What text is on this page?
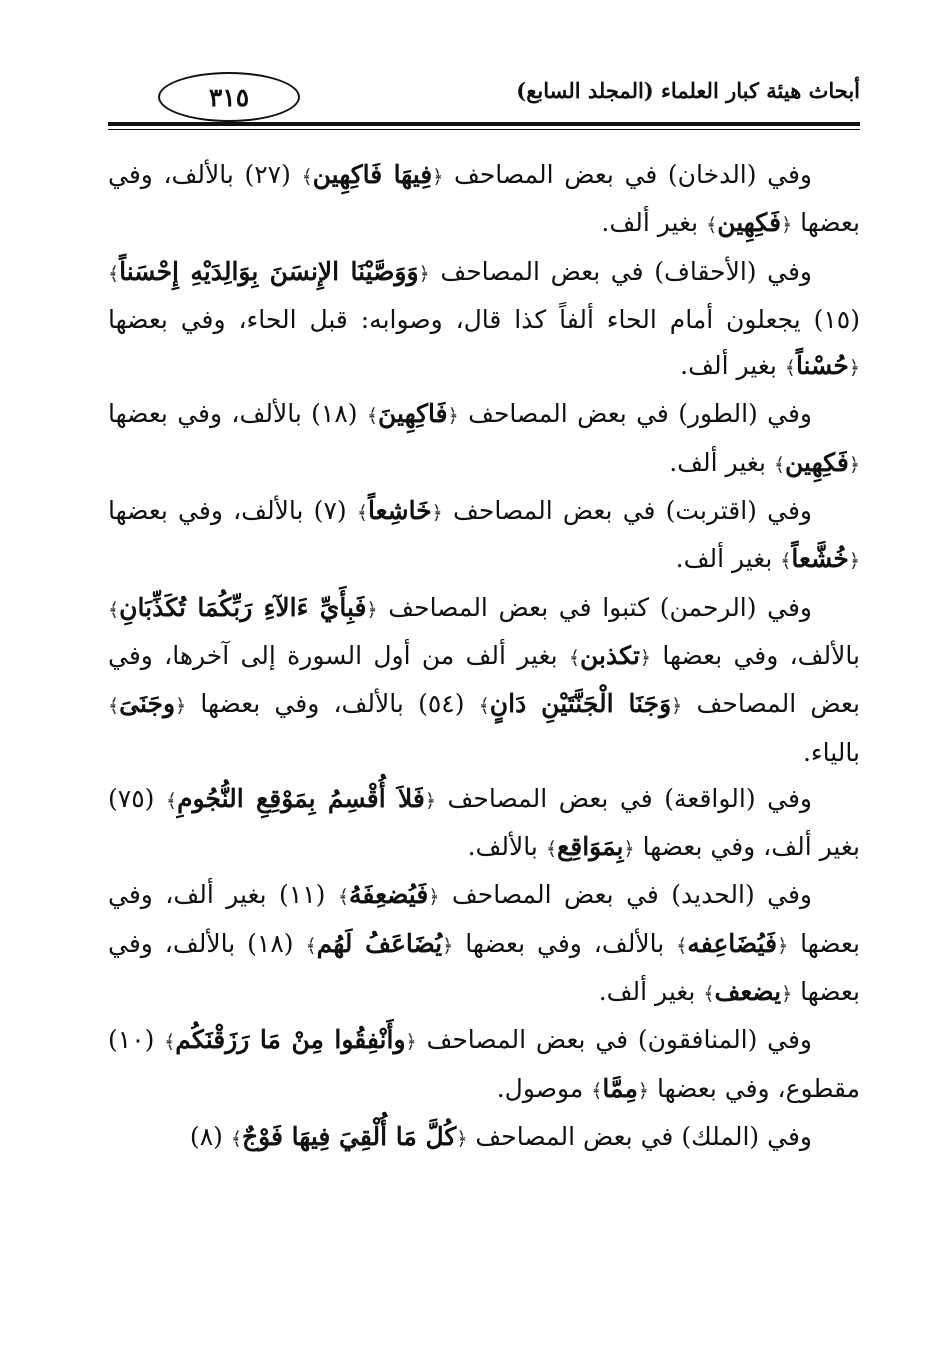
٣١٥	أبحاث هيئة كبار العلماء (المجلد السابع)

وفي (الدخان) في بعض المصاحف ﴿فِيهَا فَاكِهِين﴾ (٢٧) بالألف، وفي بعضها ﴿فَكِهِين﴾ بغير ألف.

وفي (الأحقاف) في بعض المصاحف ﴿وَوَصَّيْنَا الإِنسَنَ بِوَالِدَيْهِ إِحْسَناً﴾ (١٥) يجعلون أمام الحاء ألفاً كذا قال، وصوابه: قبل الحاء، وفي بعضها ﴿حُسْناً﴾ بغير ألف.

وفي (الطور) في بعض المصاحف ﴿فَاكِهِينَ﴾ (١٨) بالألف، وفي بعضها ﴿فَكِهِين﴾ بغير ألف.

وفي (اقتربت) في بعض المصاحف ﴿خَاشِعاً﴾ (٧) بالألف، وفي بعضها ﴿خُشَّعاً﴾ بغير ألف.

وفي (الرحمن) كتبوا في بعض المصاحف ﴿فَبِأَيِّ ءَالآءِ رَبِّكُمَا تُكَذِّبَانِ﴾ بالألف، وفي بعضها ﴿تكذبن﴾ بغير ألف من أول السورة إلى آخرها، وفي بعض المصاحف ﴿وَجَنَا الْجَنَّتَيْنِ دَانٍ﴾ (٥٤) بالألف، وفي بعضها ﴿وجَنَىَ﴾ بالياء.

وفي (الواقعة) في بعض المصاحف ﴿فَلاَ أُقْسِمُ بِمَوْقِعِ النُّجُومِ﴾ (٧٥) بغير ألف، وفي بعضها ﴿بِمَوَاقِع﴾ بالألف.

وفي (الحديد) في بعض المصاحف ﴿فَيُضعِفَهُ﴾ (١١) بغير ألف، وفي بعضها ﴿فَيُضَاعِفه﴾ بالألف، وفي بعضها ﴿يُضَاعَفُ لَهُم﴾ (١٨) بالألف، وفي بعضها ﴿يضعف﴾ بغير ألف.

وفي (المنافقون) في بعض المصاحف ﴿وأَنْفِقُوا مِنْ مَا رَزَقْنَكُم﴾ (١٠) مقطوع، وفي بعضها ﴿مِمَّا﴾ موصول.

وفي (الملك) في بعض المصاحف ﴿كُلَّ مَا أُلْقِيَ فِيهَا فَوْجٌ﴾ (٨)
